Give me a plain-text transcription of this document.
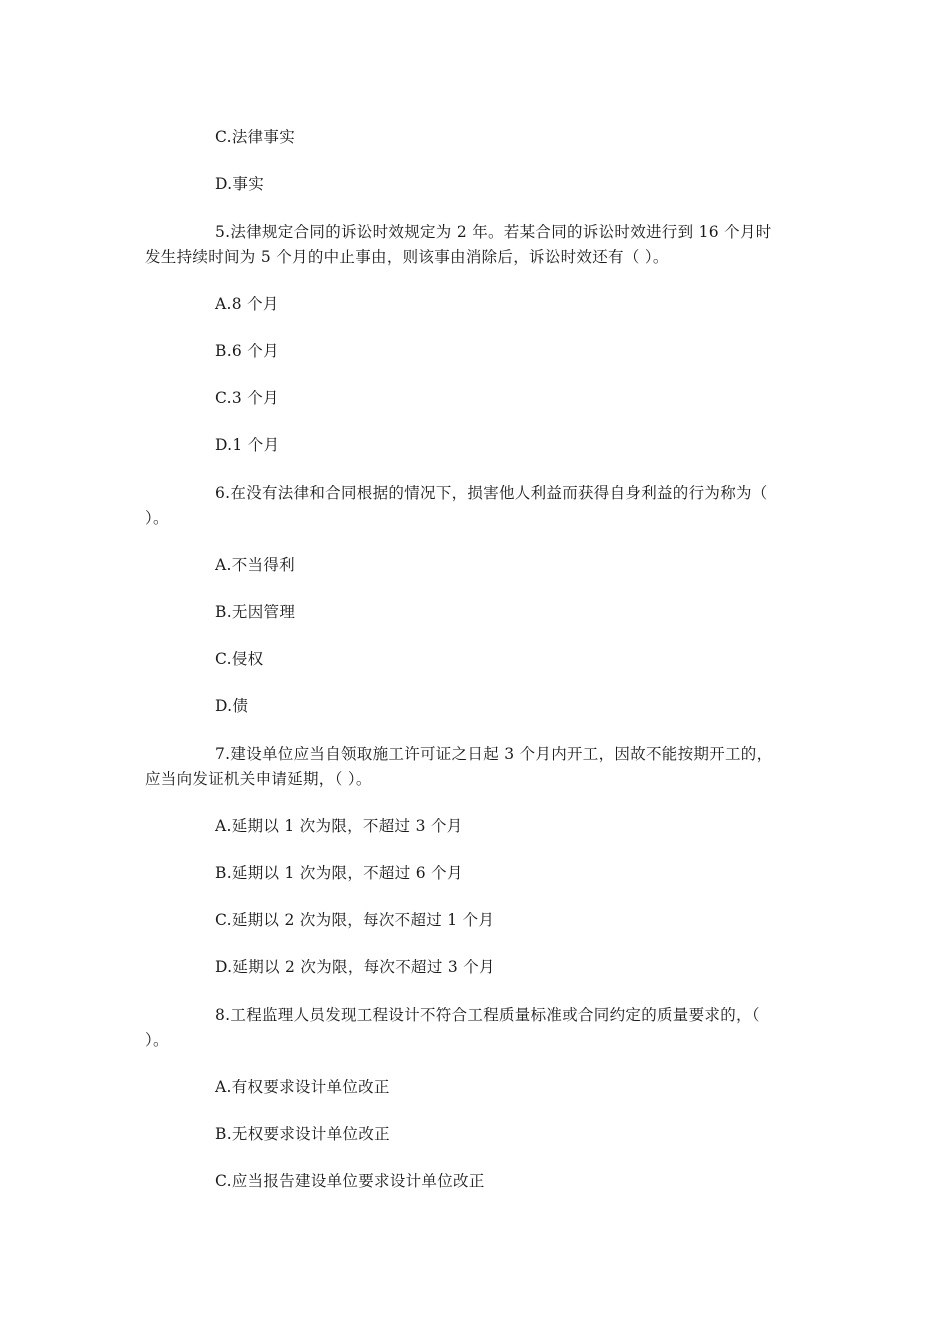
C.法律事实
D.事实
5.法律规定合同的诉讼时效规定为 2 年。若某合同的诉讼时效进行到 16 个月时
发生持续时间为 5 个月的中止事由，则该事由消除后，诉讼时效还有（ ）。
A.8 个月
B.6 个月
C.3 个月
D.1 个月
6.在没有法律和合同根据的情况下，损害他人利益而获得自身利益的行为称为（
）。
A.不当得利
B.无因管理
C.侵权
D.债
7.建设单位应当自领取施工许可证之日起 3 个月内开工，因故不能按期开工的，
应当向发证机关申请延期，（ ）。
A.延期以 1 次为限，不超过 3 个月
B.延期以 1 次为限，不超过 6 个月
C.延期以 2 次为限，每次不超过 1 个月
D.延期以 2 次为限，每次不超过 3 个月
8.工程监理人员发现工程设计不符合工程质量标准或合同约定的质量要求的，（
）。
A.有权要求设计单位改正
B.无权要求设计单位改正
C.应当报告建设单位要求设计单位改正
